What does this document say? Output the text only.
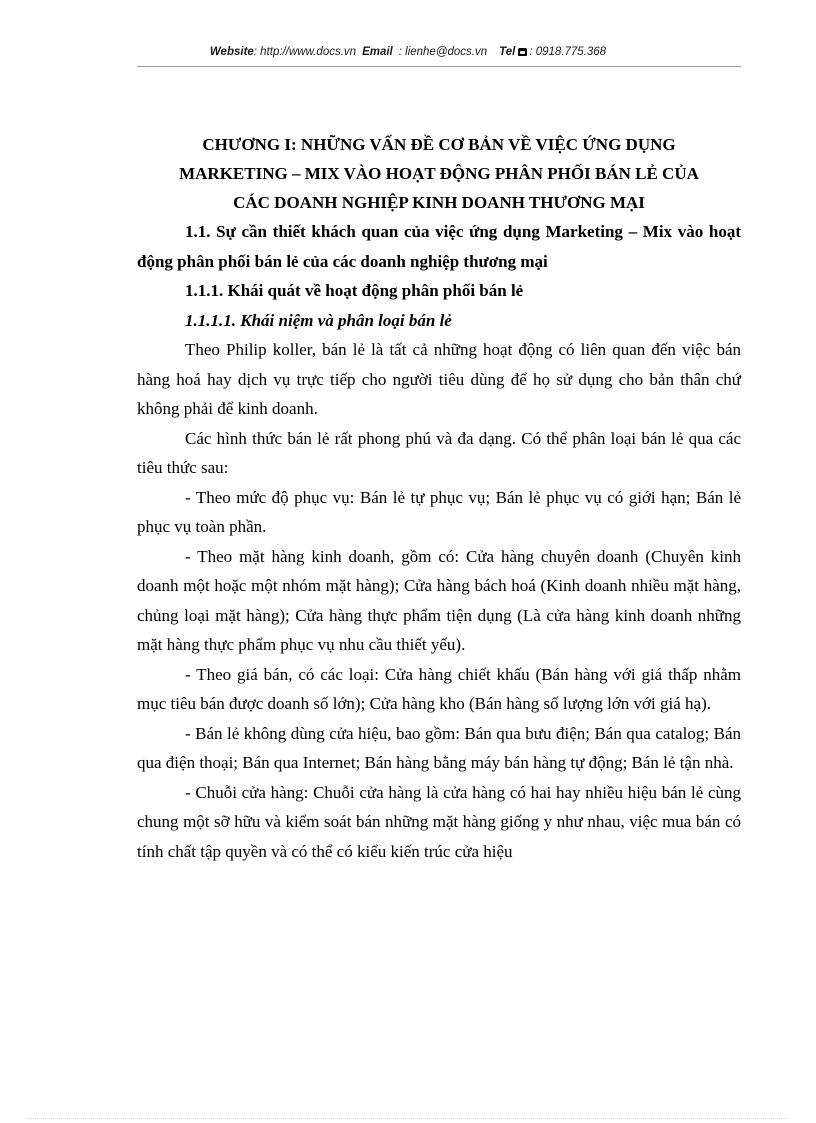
Website: http://www.docs.vn Email : lienhe@docs.vn Tel : 0918.775.368
CHƯƠNG I: NHỮNG VẤN ĐỀ CƠ BẢN VỀ VIỆC ỨNG DỤNG
MARKETING – MIX VÀO HOẠT ĐỘNG PHÂN PHỐI BÁN LẺ CỦA
CÁC DOANH NGHIỆP KINH DOANH THƯƠNG MẠI

1.1. Sự cần thiết khách quan của việc ứng dụng Marketing – Mix vào hoạt động phân phối bán lẻ của các doanh nghiệp thương mại

1.1.1. Khái quát về hoạt động phân phối bán lẻ

1.1.1.1. Khái niệm và phân loại bán lẻ

Theo Philip koller, bán lẻ là tất cả những hoạt động có liên quan đến việc bán hàng hoá hay dịch vụ trực tiếp cho người tiêu dùng để họ sử dụng cho bản thân chứ không phải để kinh doanh.

Các hình thức bán lẻ rất phong phú và đa dạng. Có thể phân loại bán lẻ qua các tiêu thức sau:

- Theo mức độ phục vụ: Bán lẻ tự phục vụ; Bán lẻ phục vụ có giới hạn; Bán lẻ phục vụ toàn phần.

- Theo mặt hàng kinh doanh, gồm có: Cửa hàng chuyên doanh (Chuyên kinh doanh một hoặc một nhóm mặt hàng); Cửa hàng bách hoá (Kinh doanh nhiều mặt hàng, chủng loại mặt hàng); Cửa hàng thực phẩm tiện dụng (Là cửa hàng kinh doanh những mặt hàng thực phẩm phục vụ nhu cầu thiết yếu).

- Theo giá bán, có các loại: Cửa hàng chiết khấu (Bán hàng với giá thấp nhằm mục tiêu bán được doanh số lớn); Cửa hàng kho (Bán hàng số lượng lớn với giá hạ).

- Bán lẻ không dùng cửa hiệu, bao gồm: Bán qua bưu điện; Bán qua catalog; Bán qua điện thoại; Bán qua Internet; Bán hàng bằng máy bán hàng tự động; Bán lẻ tận nhà.

- Chuỗi cửa hàng: Chuỗi cửa hàng là cửa hàng có hai hay nhiều hiệu bán lẻ cùng chung một sỡ hữu và kiểm soát bán những mặt hàng giống y như nhau, việc mua bán có tính chất tập quyền và có thể có kiểu kiến trúc cửa hiệu
